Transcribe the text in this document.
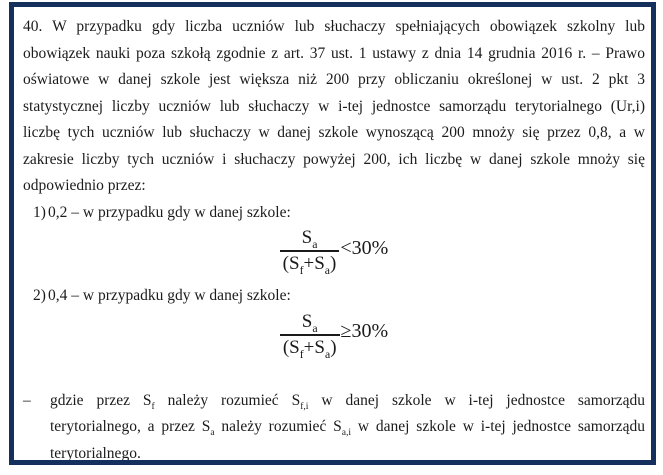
40. W przypadku gdy liczba uczniów lub słuchaczy spełniających obowiązek szkolny lub
obowiązek nauki poza szkołą zgodnie z art. 37 ust. 1 ustawy z dnia 14 grudnia 2016 r. – Prawo
oświatowe w danej szkole jest większa niż 200 przy obliczaniu określonej w ust. 2 pkt 3
statystycznej liczby uczniów lub słuchaczy w i-tej jednostce samorządu terytorialnego (Ur,i)
liczbę tych uczniów lub słuchaczy w danej szkole wynoszącą 200 mnoży się przez 0,8, a w
zakresie liczby tych uczniów i słuchaczy powyżej 200, ich liczbę w danej szkole mnoży się
odpowiednio przez:
1) 0,2 – w przypadku gdy w danej szkole:
$\frac{S_a}{(S_f+S_a)} <30\%$
2) 0,4 – w przypadku gdy w danej szkole:
$\frac{S_a}{(S_f+S_a)} \ge 30\%$
– gdzie przez $S_f$ należy rozumieć $S_{f,i}$ w danej szkole w i-tej jednostce samorządu
terytorialnego, a przez $S_a$ należy rozumieć $S_{a,i}$ w danej szkole w i-tej jednostce samorządu
terytorialnego.
